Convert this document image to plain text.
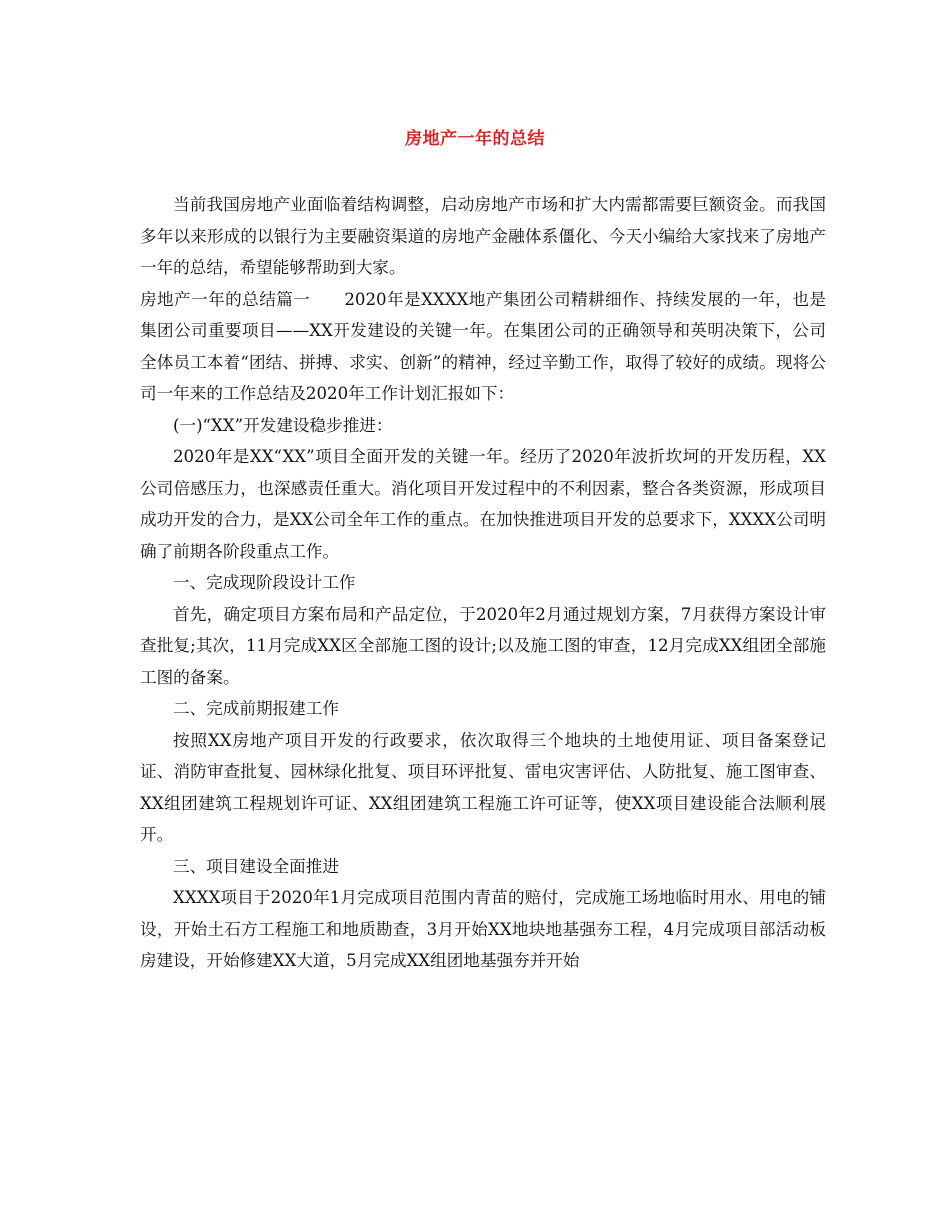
房地产一年的总结

当前我国房地产业面临着结构调整，启动房地产市场和扩大内需都需要巨额资金。而我国多年以来形成的以银行为主要融资渠道的房地产金融体系僵化、今天小编给大家找来了房地产一年的总结，希望能够帮助到大家。

房地产一年的总结篇一　　2020年是XXXX地产集团公司精耕细作、持续发展的一年，也是集团公司重要项目——XX开发建设的关键一年。在集团公司的正确领导和英明决策下，公司全体员工本着“团结、拼搏、求实、创新”的精神，经过辛勤工作，取得了较好的成绩。现将公司一年来的工作总结及2020年工作计划汇报如下：

(一)“XX”开发建设稳步推进：

2020年是XX“XX”项目全面开发的关键一年。经历了2020年波折坎坷的开发历程，XX公司倍感压力，也深感责任重大。消化项目开发过程中的不利因素，整合各类资源，形成项目成功开发的合力，是XX公司全年工作的重点。在加快推进项目开发的总要求下，XXXX公司明确了前期各阶段重点工作。

一、完成现阶段设计工作

首先，确定项目方案布局和产品定位，于2020年2月通过规划方案，7月获得方案设计审查批复;其次，11月完成XX区全部施工图的设计;以及施工图的审查，12月完成XX组团全部施工图的备案。

二、完成前期报建工作

按照XX房地产项目开发的行政要求，依次取得三个地块的土地使用证、项目备案登记证、消防审查批复、园林绿化批复、项目环评批复、雷电灾害评估、人防批复、施工图审查、XX组团建筑工程规划许可证、XX组团建筑工程施工许可证等，使XX项目建设能合法顺利展开。

三、项目建设全面推进

XXXX项目于2020年1月完成项目范围内青苗的赔付，完成施工场地临时用水、用电的铺设，开始土石方工程施工和地质勘查，3月开始XX地块地基强夯工程，4月完成项目部活动板房建设，开始修建XX大道，5月完成XX组团地基强夯并开始
